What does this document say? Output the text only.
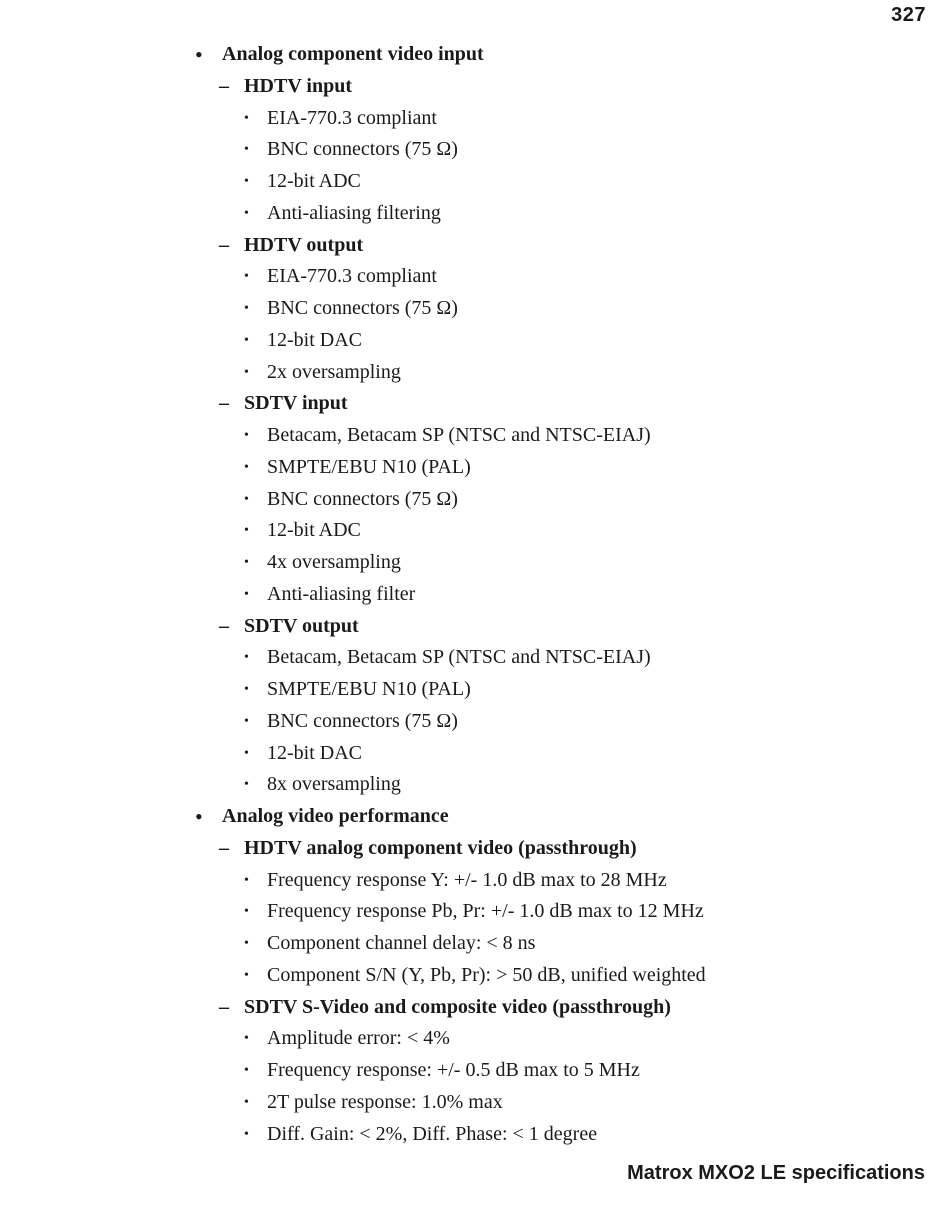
327
• Analog component video input
– HDTV input
• EIA-770.3 compliant
• BNC connectors (75 Ω)
• 12-bit ADC
• Anti-aliasing filtering
– HDTV output
• EIA-770.3 compliant
• BNC connectors (75 Ω)
• 12-bit DAC
• 2x oversampling
– SDTV input
• Betacam, Betacam SP (NTSC and NTSC-EIAJ)
• SMPTE/EBU N10 (PAL)
• BNC connectors (75 Ω)
• 12-bit ADC
• 4x oversampling
• Anti-aliasing filter
– SDTV output
• Betacam, Betacam SP (NTSC and NTSC-EIAJ)
• SMPTE/EBU N10 (PAL)
• BNC connectors (75 Ω)
• 12-bit DAC
• 8x oversampling
• Analog video performance
– HDTV analog component video (passthrough)
• Frequency response Y: +/- 1.0 dB max to 28 MHz
• Frequency response Pb, Pr: +/- 1.0 dB max to 12 MHz
• Component channel delay: < 8 ns
• Component S/N (Y, Pb, Pr): > 50 dB, unified weighted
– SDTV S-Video and composite video (passthrough)
• Amplitude error: < 4%
• Frequency response: +/- 0.5 dB max to 5 MHz
• 2T pulse response: 1.0% max
• Diff. Gain: < 2%, Diff. Phase: < 1 degree
Matrox MXO2 LE specifications
